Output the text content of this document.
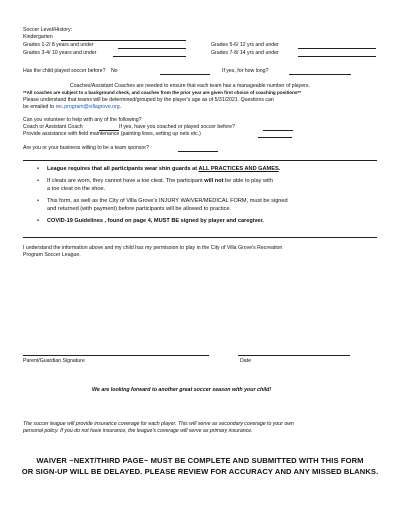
Soccer Level/History:
Kindergarten
Grades 1-2/ 8 years and under
Grades 3-4/ 10 years and under
Grades 5-6/ 12 yrs and under
Grades 7-8/ 14 yrs and under
Has the child played soccer before? No	If yes, for how long?
Coaches/Assistant Coaches are needed to ensure that each team has a manageable number of players.
**All coaches are subject to a background check, and coaches from the prior year are given first choice of coaching positions**
Please understand that teams will be determined/grouped by the player's age as of 5/31/2021. Questions can
be emailed to rec.program@villagrove.org.
Can you volunteer to help with any of the following?
Coach or Assistant Coach	If yes, have you coached or played soccer before?
Provide assistance with field maintenance (painting lines, setting up nets etc.)
Are you or your business willing to be a team sponsor?
• League requires that all participants wear shin guards at ALL PRACTICES AND GAMES.
• If cleats are worn, they cannot have a toe cleat. The participant will not be able to play with
a toe cleat on the shoe.
• This form, as well as the City of Villa Grove's INJURY WAIVER/MEDICAL FORM, must be signed
and returned (with payment) before participants will be allowed to practice.
• COVID-19 Guidelines , found on page 4, MUST BE signed by player and caregiver.
I understand the information above and my child has my permission to play in the City of Villa Grove's Recreation
Program Soccer League.
Parent/Guardian Signature	Date
We are looking forward to another great soccer season with your child!
The soccer league will provide insurance coverage for each player. This will serve as secondary coverage to your own
personal policy. If you do not have insurance, the league's coverage will serve as primary insurance.
WAIVER ~NEXT/THIRD PAGE~ MUST BE COMPLETE AND SUBMITTED WITH THIS FORM
OR SIGN-UP WILL BE DELAYED. PLEASE REVIEW FOR ACCURACY AND ANY MISSED BLANKS.
